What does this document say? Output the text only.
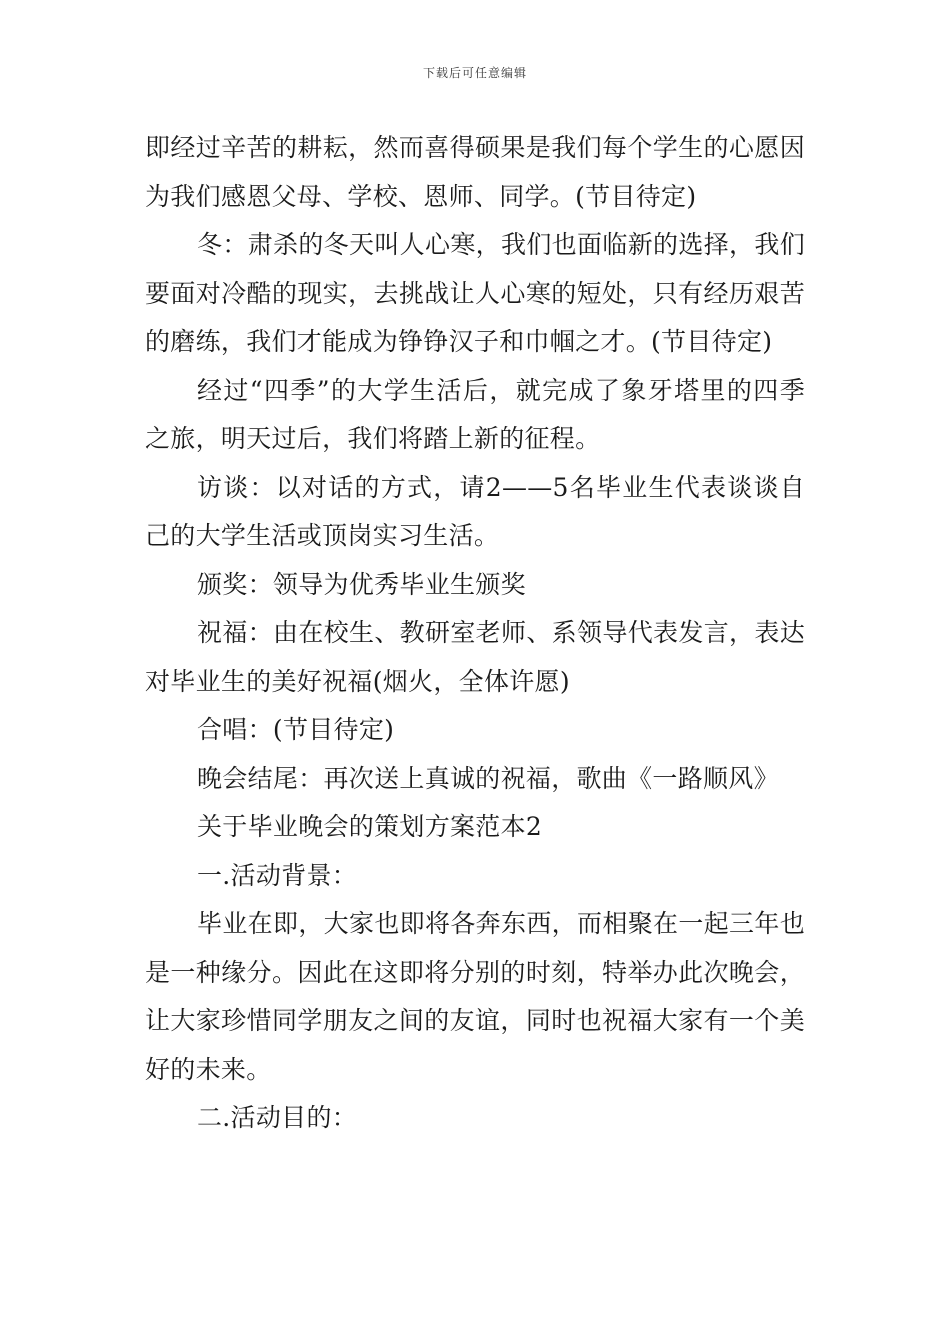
下载后可任意编辑

即经过辛苦的耕耘，然而喜得硕果是我们每个学生的心愿因为我们感恩父母、学校、恩师、同学。(节目待定)

冬：肃杀的冬天叫人心寒，我们也面临新的选择，我们要面对冷酷的现实，去挑战让人心寒的短处，只有经历艰苦的磨练，我们才能成为铮铮汉子和巾帼之才。(节目待定)

经过“四季”的大学生活后，就完成了象牙塔里的四季之旅，明天过后，我们将踏上新的征程。

访谈：以对话的方式，请2——5名毕业生代表谈谈自己的大学生活或顶岗实习生活。

颁奖：领导为优秀毕业生颁奖

祝福：由在校生、教研室老师、系领导代表发言，表达对毕业生的美好祝福(烟火，全体许愿)

合唱：(节目待定)

晚会结尾：再次送上真诚的祝福，歌曲《一路顺风》

关于毕业晚会的策划方案范本2

一.活动背景：

毕业在即，大家也即将各奔东西，而相聚在一起三年也是一种缘分。因此在这即将分别的时刻，特举办此次晚会，让大家珍惜同学朋友之间的友谊，同时也祝福大家有一个美好的未来。

二.活动目的：
